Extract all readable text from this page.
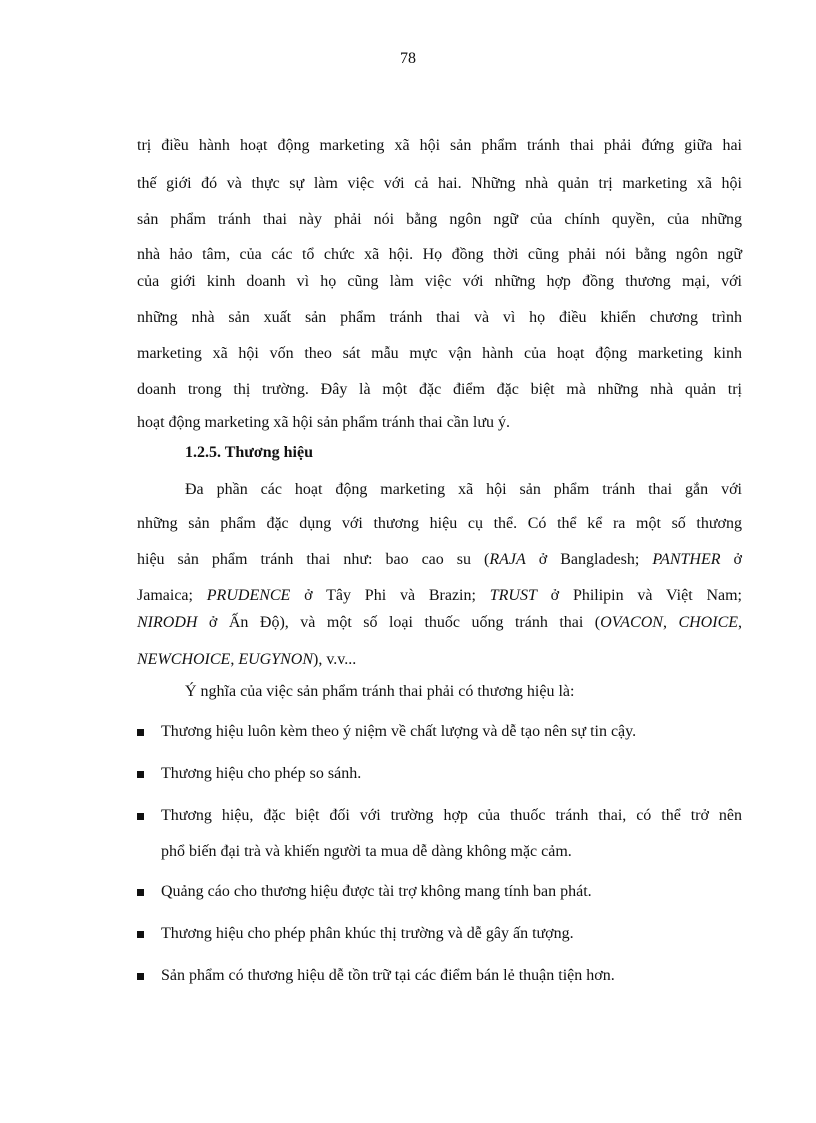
78
trị điều hành hoạt động marketing xã hội sản phẩm tránh thai phải đứng giữa hai
thế giới đó và thực sự làm việc với cả hai. Những nhà quản trị marketing xã hội
sản phẩm tránh thai này phải nói bằng ngôn ngữ của chính quyền, của những
nhà hảo tâm, của các tổ chức xã hội. Họ đồng thời cũng phải nói bằng ngôn ngữ
của giới kinh doanh vì họ cũng làm việc với những hợp đồng thương mại, với
những nhà sản xuất sản phẩm tránh thai và vì họ điều khiển chương trình
marketing xã hội vốn theo sát mẫu mực vận hành của hoạt động marketing kinh
doanh trong thị trường. Đây là một đặc điểm đặc biệt mà những nhà quản trị
hoạt động marketing xã hội sản phẩm tránh thai cần lưu ý.
1.2.5. Thương hiệu
Đa phần các hoạt động marketing xã hội sản phẩm tránh thai gắn với
những sản phẩm đặc dụng với thương hiệu cụ thể. Có thể kể ra một số thương
hiệu sản phẩm tránh thai như: bao cao su (RAJA ở Bangladesh; PANTHER ở
Jamaica; PRUDENCE ở Tây Phi và Brazin; TRUST ở Philipin và Việt Nam;
NIRODH ở Ấn Độ), và một số loại thuốc uống tránh thai (OVACON, CHOICE,
NEWCHOICE, EUGYNON), v.v...
Ý nghĩa của việc sản phẩm tránh thai phải có thương hiệu là:
Thương hiệu luôn kèm theo ý niệm về chất lượng và dễ tạo nên sự tin cậy.
Thương hiệu cho phép so sánh.
Thương hiệu, đặc biệt đối với trường hợp của thuốc tránh thai, có thể trở nên
phổ biến đại trà và khiến người ta mua dễ dàng không mặc cảm.
Quảng cáo cho thương hiệu được tài trợ không mang tính ban phát.
Thương hiệu cho phép phân khúc thị trường và dễ gây ấn tượng.
Sản phẩm có thương hiệu dễ tồn trữ tại các điểm bán lẻ thuận tiện hơn.
